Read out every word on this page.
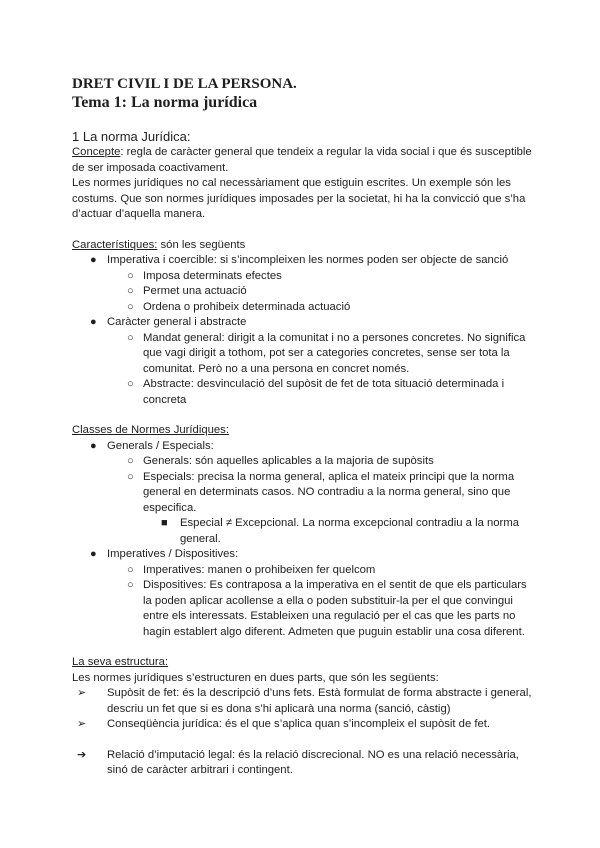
DRET CIVIL I DE LA PERSONA.

Tema 1: La norma jurídica

1 La norma Jurídica:

Concepte: regla de caràcter general que tendeix a regular la vida social i que és susceptible de ser imposada coactivament.

Les normes jurídiques no cal necessàriament que estiguin escrites. Un exemple són les costums. Que son normes jurídiques imposades per la societat, hi ha la convicció que s’ha d’actuar d’aquella manera.

Característiques: són les següents

● Imperativa i coercible: si s’incompleixen les normes poden ser objecte de sanció
○ Imposa determinats efectes
○ Permet una actuació
○ Ordena o prohibeix determinada actuació
● Caràcter general i abstracte
○ Mandat general: dirigit a la comunitat i no a persones concretes. No significa que vagi dirigit a tothom, pot ser a categories concretes, sense ser tota la comunitat. Però no a una persona en concret només.
○ Abstracte: desvinculació del supòsit de fet de tota situació determinada i concreta

Classes de Normes Jurídiques:

● Generals / Especials:
○ Generals: són aquelles aplicables a la majoria de supòsits
○ Especials: precisa la norma general, aplica el mateix principi que la norma general en determinats casos. NO contradiu a la norma general, sino que especifica.
■ Especial ≠ Excepcional. La norma excepcional contradiu a la norma general.
● Imperatives / Dispositives:
○ Imperatives: manen o prohibeixen fer quelcom
○ Dispositives: Es contraposa a la imperativa en el sentit de que els particulars la poden aplicar acollense a ella o poden substituir-la per el que convingui entre els interessats. Estableixen una regulació per el cas que les parts no hagin establert algo diferent. Admeten que puguin establir una cosa diferent.

La seva estructura:

Les normes jurídiques s’estructuren en dues parts, que són les següents:

➢ Supòsit de fet: és la descripció d’uns fets. Està formulat de forma abstracte i general, descriu un fet que si es dona s’hi aplicarà una norma (sanció, càstig)
➢ Conseqüència jurídica: és el que s’aplica quan s’incompleix el supòsit de fet.
➔ Relació d’imputació legal: és la relació discrecional. NO es una relació necessària, sinó de caràcter arbitrari i contingent.
